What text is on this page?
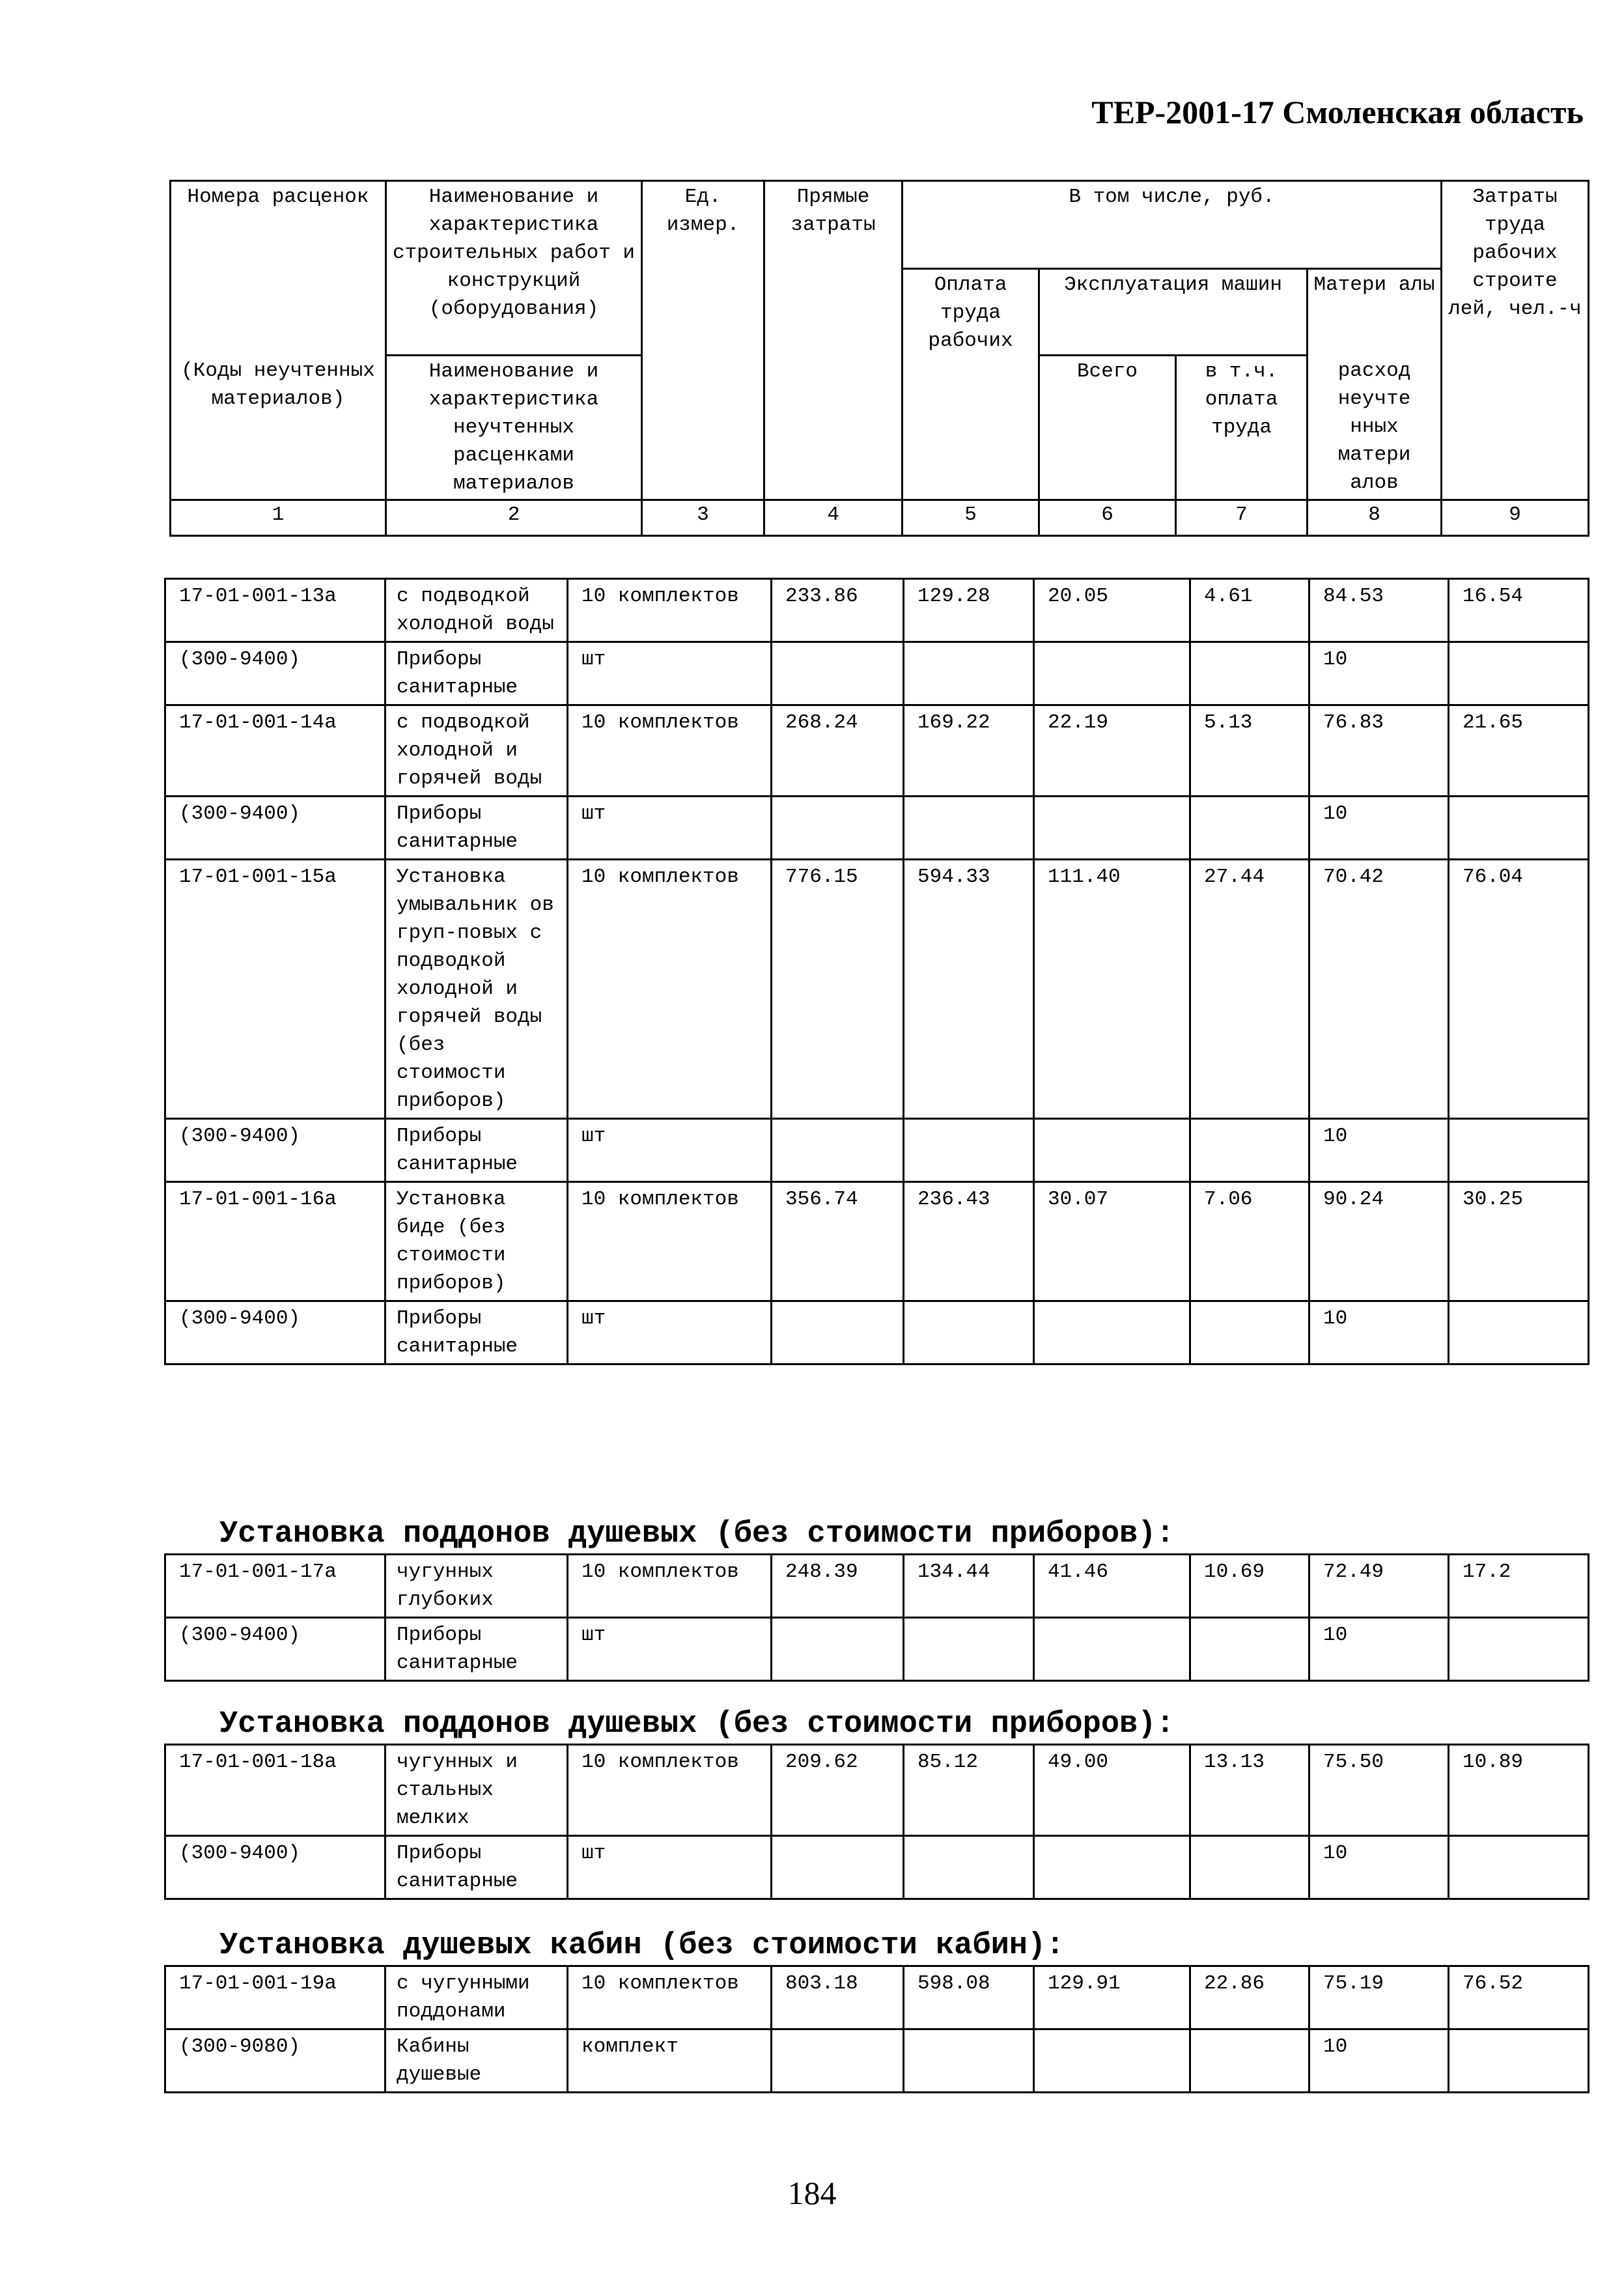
ТЕР-2001-17 Смоленская область
Номера расценок	Наименование и характеристика строительных работ и конструкций (оборудования)	Ед. измер.	Прямые затраты	В том числе, руб.				Затраты труда рабочих строите лей, чел.-ч
				Оплата труда рабочих	Эксплуатация машин		Матери алы	
(Коды неучтенных материалов)	Наименование и характеристика неучтенных расценками материалов				Всего	в т.ч. оплата труда	расход неучте нных матери алов	
1	2	3	4	5	6	7	8	9
17-01-001-13а	с подводкой холодной воды	10 комплектов	233.86	129.28	20.05	4.61	84.53	16.54
(300-9400)	Приборы санитарные	шт					10	
17-01-001-14а	с подводкой холодной и горячей воды	10 комплектов	268.24	169.22	22.19	5.13	76.83	21.65
(300-9400)	Приборы санитарные	шт					10	
17-01-001-15а	Установка умывальник ов груп-повых с подводкой холодной и горячей воды (без стоимости приборов)	10 комплектов	776.15	594.33	111.40	27.44	70.42	76.04
(300-9400)	Приборы санитарные	шт					10	
17-01-001-16а	Установка биде (без стоимости приборов)	10 комплектов	356.74	236.43	30.07	7.06	90.24	30.25
(300-9400)	Приборы санитарные	шт					10	
Установка поддонов душевых (без стоимости приборов):
17-01-001-17а	чугунных глубоких	10 комплектов	248.39	134.44	41.46	10.69	72.49	17.2
(300-9400)	Приборы санитарные	шт					10	
Установка поддонов душевых (без стоимости приборов):
17-01-001-18а	чугунных и стальных мелких	10 комплектов	209.62	85.12	49.00	13.13	75.50	10.89
(300-9400)	Приборы санитарные	шт					10	
Установка душевых кабин (без стоимости кабин):
17-01-001-19а	с чугунными поддонами	10 комплектов	803.18	598.08	129.91	22.86	75.19	76.52
(300-9080)	Кабины душевые	комплект					10	
184
